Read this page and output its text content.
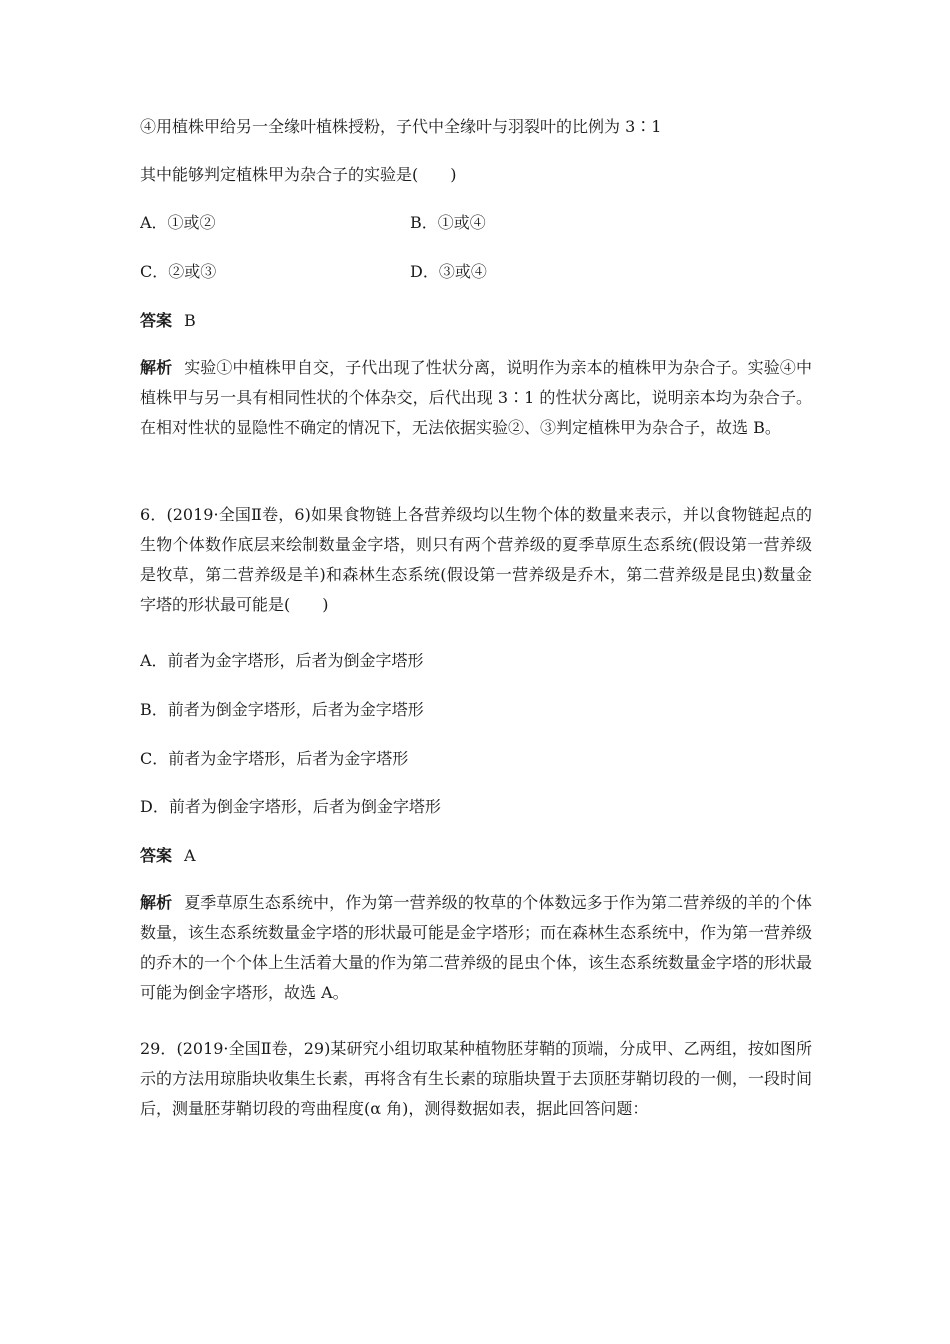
④用植株甲给另一全缘叶植株授粉，子代中全缘叶与羽裂叶的比例为 3∶1
其中能够判定植株甲为杂合子的实验是(　　)
A．①或②	B．①或④
C．②或③	D．③或④
答案 B
解析 实验①中植株甲自交，子代出现了性状分离，说明作为亲本的植株甲为杂合子。实验④中植株甲与另一具有相同性状的个体杂交，后代出现 3∶1 的性状分离比，说明亲本均为杂合子。在相对性状的显隐性不确定的情况下，无法依据实验②、③判定植株甲为杂合子，故选 B。
6．(2019·全国Ⅱ卷，6)如果食物链上各营养级均以生物个体的数量来表示，并以食物链起点的生物个体数作底层来绘制数量金字塔，则只有两个营养级的夏季草原生态系统(假设第一营养级是牧草，第二营养级是羊)和森林生态系统(假设第一营养级是乔木，第二营养级是昆虫)数量金字塔的形状最可能是(　　)
A．前者为金字塔形，后者为倒金字塔形
B．前者为倒金字塔形，后者为金字塔形
C．前者为金字塔形，后者为金字塔形
D．前者为倒金字塔形，后者为倒金字塔形
答案 A
解析 夏季草原生态系统中，作为第一营养级的牧草的个体数远多于作为第二营养级的羊的个体数量，该生态系统数量金字塔的形状最可能是金字塔形；而在森林生态系统中，作为第一营养级的乔木的一个个体上生活着大量的作为第二营养级的昆虫个体，该生态系统数量金字塔的形状最可能为倒金字塔形，故选 A。
29．(2019·全国Ⅱ卷，29)某研究小组切取某种植物胚芽鞘的顶端，分成甲、乙两组，按如图所示的方法用琼脂块收集生长素，再将含有生长素的琼脂块置于去顶胚芽鞘切段的一侧，一段时间后，测量胚芽鞘切段的弯曲程度(α 角)，测得数据如表，据此回答问题：
